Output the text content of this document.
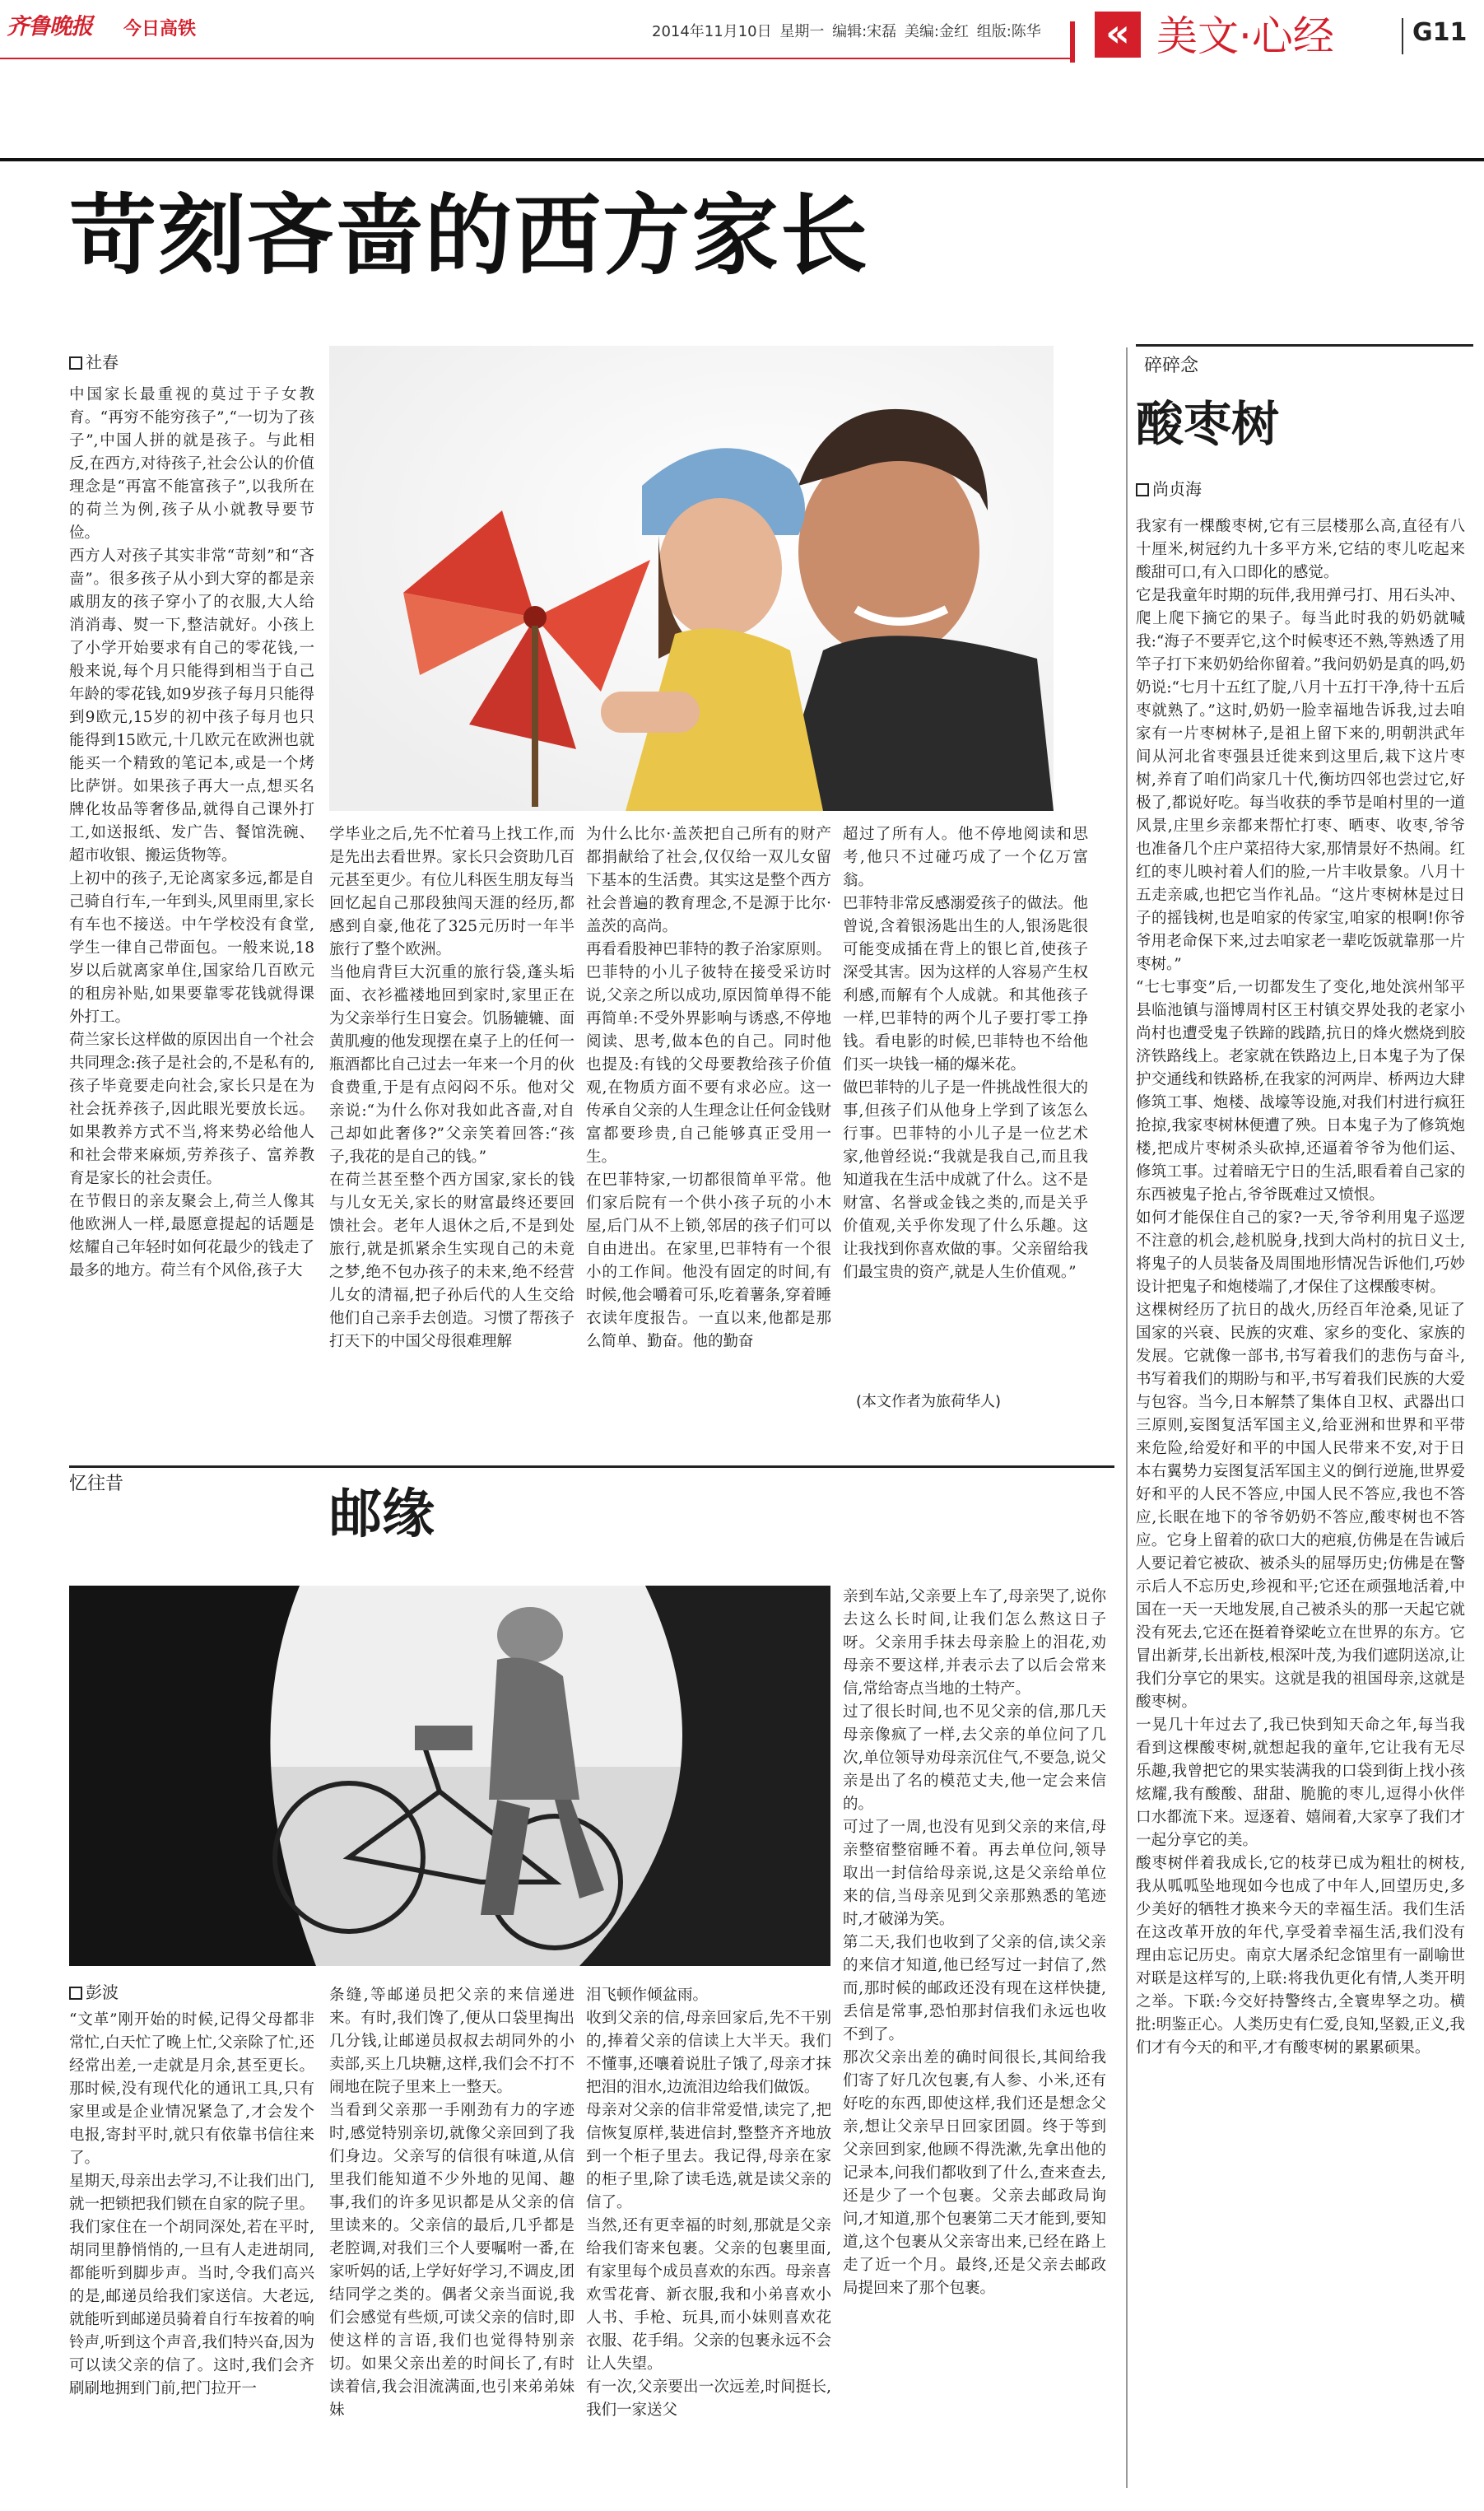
齐鲁晚报 今日高铁	2014年11月10日 星期一 编辑:宋磊 美编:金红 组版:陈华 « 美文·心经	G11
苛刻吝啬的西方家长
社春
中国家长最重视的莫过于子女教育。“再穷不能穷孩子”,“一切为了孩子”,中国人拼的就是孩子。与此相反,在西方,对待孩子,社会公认的价值理念是“再富不能富孩子”,以我所在的荷兰为例,孩子从小就教导要节俭。
西方人对孩子其实非常“苛刻”和“吝啬”。很多孩子从小到大穿的都是亲戚朋友的孩子穿小了的衣服,大人给消消毒、熨一下,整洁就好。小孩上了小学开始要求有自己的零花钱,一般来说,每个月只能得到相当于自己年龄的零花钱,如9岁孩子每月只能得到9欧元,15岁的初中孩子每月也只能得到15欧元,十几欧元在欧洲也就能买一个精致的笔记本,或是一个烤比萨饼。如果孩子再大一点,想买名牌化妆品等奢侈品,就得自己课外打工,如送报纸、发广告、餐馆洗碗、超市收银、搬运货物等。
上初中的孩子,无论离家多远,都是自己骑自行车,一年到头,风里雨里,家长有车也不接送。中午学校没有食堂,学生一律自己带面包。一般来说,18岁以后就离家单住,国家给几百欧元的租房补贴,如果要靠零花钱就得课外打工。
荷兰家长这样做的原因出自一个社会共同理念:孩子是社会的,不是私有的,孩子毕竟要走向社会,家长只是在为社会抚养孩子,因此眼光要放长远。如果教养方式不当,将来势必给他人和社会带来麻烦,劳养孩子、富养教育是家长的社会责任。
在节假日的亲友聚会上,荷兰人像其他欧洲人一样,最愿意提起的话题是炫耀自己年轻时如何花最少的钱走了最多的地方。荷兰有个风俗,孩子大
学毕业之后,先不忙着马上找工作,而是先出去看世界。家长只会资助几百元甚至更少。有位儿科医生朋友每当回忆起自己那段独闯天涯的经历,都感到自豪,他花了325元历时一年半旅行了整个欧洲。
当他肩背巨大沉重的旅行袋,蓬头垢面、衣衫褴褛地回到家时,家里正在为父亲举行生日宴会。饥肠辘辘、面黄肌瘦的他发现摆在桌子上的任何一瓶酒都比自己过去一年来一个月的伙食费重,于是有点闷闷不乐。他对父亲说:“为什么你对我如此吝啬,对自己却如此奢侈?”父亲笑着回答:“孩子,我花的是自己的钱。”
在荷兰甚至整个西方国家,家长的钱与儿女无关,家长的财富最终还要回馈社会。老年人退休之后,不是到处旅行,就是抓紧余生实现自己的未竟之梦,绝不包办孩子的未来,绝不经营儿女的清福,把子孙后代的人生交给他们自己亲手去创造。习惯了帮孩子打天下的中国父母很难理解
为什么比尔·盖茨把自己所有的财产都捐献给了社会,仅仅给一双儿女留下基本的生活费。其实这是整个西方社会普遍的教育理念,不是源于比尔·盖茨的高尚。
再看看股神巴菲特的教子治家原则。巴菲特的小儿子彼特在接受采访时说,父亲之所以成功,原因简单得不能再简单:不受外界影响与诱惑,不停地阅读、思考,做本色的自己。同时他也提及:有钱的父母要教给孩子价值观,在物质方面不要有求必应。这一传承自父亲的人生理念让任何金钱财富都要珍贵,自己能够真正受用一生。
在巴菲特家,一切都很简单平常。他们家后院有一个供小孩子玩的小木屋,后门从不上锁,邻居的孩子们可以自由进出。在家里,巴菲特有一个很小的工作间。他没有固定的时间,有时候,他会嚼着可乐,吃着薯条,穿着睡衣读年度报告。一直以来,他都是那么简单、勤奋。他的勤奋
超过了所有人。他不停地阅读和思考,他只不过碰巧成了一个亿万富翁。
巴菲特非常反感溺爱孩子的做法。他曾说,含着银汤匙出生的人,银汤匙很可能变成插在背上的银匕首,使孩子深受其害。因为这样的人容易产生权利感,而解有个人成就。和其他孩子一样,巴菲特的两个儿子要打零工挣钱。看电影的时候,巴菲特也不给他们买一块钱一桶的爆米花。
做巴菲特的儿子是一件挑战性很大的事,但孩子们从他身上学到了该怎么行事。巴菲特的小儿子是一位艺术家,他曾经说:“我就是我自己,而且我知道我在生活中成就了什么。这不是财富、名誉或金钱之类的,而是关乎价值观,关乎你发现了什么乐趣。这让我找到你喜欢做的事。父亲留给我们最宝贵的资产,就是人生价值观。”
(本文作者为旅荷华人)
碎碎念
酸枣树
尚贞海
我家有一棵酸枣树,它有三层楼那么高,直径有八十厘米,树冠约九十多平方米,它结的枣儿吃起来酸甜可口,有入口即化的感觉。
它是我童年时期的玩伴,我用弹弓打、用石头冲、爬上爬下摘它的果子。每当此时我的奶奶就喊我:“海子不要弄它,这个时候枣还不熟,等熟透了用竿子打下来奶奶给你留着。”我问奶奶是真的吗,奶奶说:“七月十五红了腚,八月十五打干净,待十五后枣就熟了。”这时,奶奶一脸幸福地告诉我,过去咱家有一片枣树林子,是祖上留下来的,明朝洪武年间从河北省枣强县迁徙来到这里后,栽下这片枣树,养育了咱们尚家几十代,衡坊四邻也尝过它,好极了,都说好吃。每当收获的季节是咱村里的一道风景,庄里乡亲都来帮忙打枣、晒枣、收枣,爷爷也准备几个庄户菜招待大家,那情景好不热闹。红红的枣儿映衬着人们的脸,一片丰收景象。八月十五走亲戚,也把它当作礼品。“这片枣树林是过日子的摇钱树,也是咱家的传家宝,咱家的根啊!你爷爷用老命保下来,过去咱家老一辈吃饭就靠那一片枣树。”
“七七事变”后,一切都发生了变化,地处滨州邹平县临池镇与淄博周村区王村镇交界处我的老家小尚村也遭受鬼子铁蹄的践踏,抗日的烽火燃烧到胶济铁路线上。老家就在铁路边上,日本鬼子为了保护交通线和铁路桥,在我家的河两岸、桥两边大肆修筑工事、炮楼、战壕等设施,对我们村进行疯狂抢掠,我家枣树林便遭了殃。日本鬼子为了修筑炮楼,把成片枣树杀头砍掉,还逼着爷爷为他们运、修筑工事。过着暗无宁日的生活,眼看着自己家的东西被鬼子抢占,爷爷既难过又愤恨。
如何才能保住自己的家?一天,爷爷利用鬼子巡逻不注意的机会,趁机脱身,找到大尚村的抗日义士,将鬼子的人员装备及周围地形情况告诉他们,巧妙设计把鬼子和炮楼端了,才保住了这棵酸枣树。
这棵树经历了抗日的战火,历经百年沧桑,见证了国家的兴衰、民族的灾难、家乡的变化、家族的发展。它就像一部书,书写着我们的悲伤与奋斗,书写着我们的期盼与和平,书写着我们民族的大爱与包容。当今,日本解禁了集体自卫权、武器出口三原则,妄图复活军国主义,给亚洲和世界和平带来危险,给爱好和平的中国人民带来不安,对于日本右翼势力妄图复活军国主义的倒行逆施,世界爱好和平的人民不答应,中国人民不答应,我也不答应,长眠在地下的爷爷奶奶不答应,酸枣树也不答应。它身上留着的砍口大的疤痕,仿佛是在告诫后人要记着它被砍、被杀头的屈辱历史;仿佛是在警示后人不忘历史,珍视和平;它还在顽强地活着,中国在一天一天地发展,自己被杀头的那一天起它就没有死去,它还在挺着脊梁屹立在世界的东方。它冒出新芽,长出新枝,根深叶茂,为我们遮阴送凉,让我们分享它的果实。这就是我的祖国母亲,这就是酸枣树。
一晃几十年过去了,我已快到知天命之年,每当我看到这棵酸枣树,就想起我的童年,它让我有无尽乐趣,我曾把它的果实装满我的口袋到街上找小孩炫耀,我有酸酸、甜甜、脆脆的枣儿,逗得小伙伴口水都流下来。逗逐着、嬉闹着,大家享了我们才一起分享它的美。
酸枣树伴着我成长,它的枝芽已成为粗壮的树枝,我从呱呱坠地现如今也成了中年人,回望历史,多少美好的牺牲才换来今天的幸福生活。我们生活在这改革开放的年代,享受着幸福生活,我们没有理由忘记历史。南京大屠杀纪念馆里有一副喻世对联是这样写的,上联:将我仇更化有情,人类开明之举。下联:今交好持警终古,全寰卑孥之功。横批:明鉴正心。人类历史有仁爱,良知,坚毅,正义,我们才有今天的和平,才有酸枣树的累累硕果。
忆往昔
邮缘
彭波
“文革”刚开始的时候,记得父母都非常忙,白天忙了晚上忙,父亲除了忙,还经常出差,一走就是月余,甚至更长。那时候,没有现代化的通讯工具,只有家里或是企业情况紧急了,才会发个电报,寄封平时,就只有依靠书信往来了。
星期天,母亲出去学习,不让我们出门,就一把锁把我们锁在自家的院子里。我们家住在一个胡同深处,若在平时,胡同里静悄悄的,一旦有人走进胡同,都能听到脚步声。当时,令我们高兴的是,邮递员给我们家送信。大老远,就能听到邮递员骑着自行车按着的响铃声,听到这个声音,我们特兴奋,因为可以读父亲的信了。这时,我们会齐刷刷地拥到门前,把门拉开一
条缝,等邮递员把父亲的来信递进来。有时,我们馋了,便从口袋里掏出几分钱,让邮递员叔叔去胡同外的小卖部,买上几块糖,这样,我们会不打不闹地在院子里来上一整天。
当看到父亲那一手刚劲有力的字迹时,感觉特别亲切,就像父亲回到了我们身边。父亲写的信很有味道,从信里我们能知道不少外地的见闻、趣事,我们的许多见识都是从父亲的信里读来的。父亲信的最后,几乎都是老腔调,对我们三个人要嘱咐一番,在家听妈的话,上学好好学习,不调皮,团结同学之类的。偶者父亲当面说,我们会感觉有些烦,可读父亲的信时,即使这样的言语,我们也觉得特别亲切。如果父亲出差的时间长了,有时读着信,我会泪流满面,也引来弟弟妹妹
泪飞顿作倾盆雨。
收到父亲的信,母亲回家后,先不干别的,捧着父亲的信读上大半天。我们不懂事,还嚷着说肚子饿了,母亲才抹把泪的泪水,边流泪边给我们做饭。
母亲对父亲的信非常爱惜,读完了,把信恢复原样,装进信封,整整齐齐地放到一个柜子里去。我记得,母亲在家的柜子里,除了读毛选,就是读父亲的信了。
当然,还有更幸福的时刻,那就是父亲给我们寄来包裹。父亲的包裹里面,有家里每个成员喜欢的东西。母亲喜欢雪花膏、新衣服,我和小弟喜欢小人书、手枪、玩具,而小妹则喜欢花衣服、花手绢。父亲的包裹永远不会让人失望。
有一次,父亲要出一次远差,时间挺长,我们一家送父
亲到车站,父亲要上车了,母亲哭了,说你去这么长时间,让我们怎么熬这日子呀。父亲用手抹去母亲脸上的泪花,劝母亲不要这样,并表示去了以后会常来信,常给寄点当地的土特产。
过了很长时间,也不见父亲的信,那几天母亲像疯了一样,去父亲的单位问了几次,单位领导劝母亲沉住气,不要急,说父亲是出了名的模范丈夫,他一定会来信的。
可过了一周,也没有见到父亲的来信,母亲整宿整宿睡不着。再去单位问,领导取出一封信给母亲说,这是父亲给单位来的信,当母亲见到父亲那熟悉的笔迹时,才破涕为笑。
第二天,我们也收到了父亲的信,读父亲的来信才知道,他已经写过一封信了,然而,那时候的邮政还没有现在这样快捷,丢信是常事,恐怕那封信我们永远也收不到了。
那次父亲出差的确时间很长,其间给我们寄了好几次包裹,有人参、小米,还有好吃的东西,即使这样,我们还是想念父亲,想让父亲早日回家团圆。终于等到父亲回到家,他顾不得洗漱,先拿出他的记录本,问我们都收到了什么,查来查去,还是少了一个包裹。父亲去邮政局询问,才知道,那个包裹第二天才能到,要知道,这个包裹从父亲寄出来,已经在路上走了近一个月。最终,还是父亲去邮政局提回来了那个包裹。
